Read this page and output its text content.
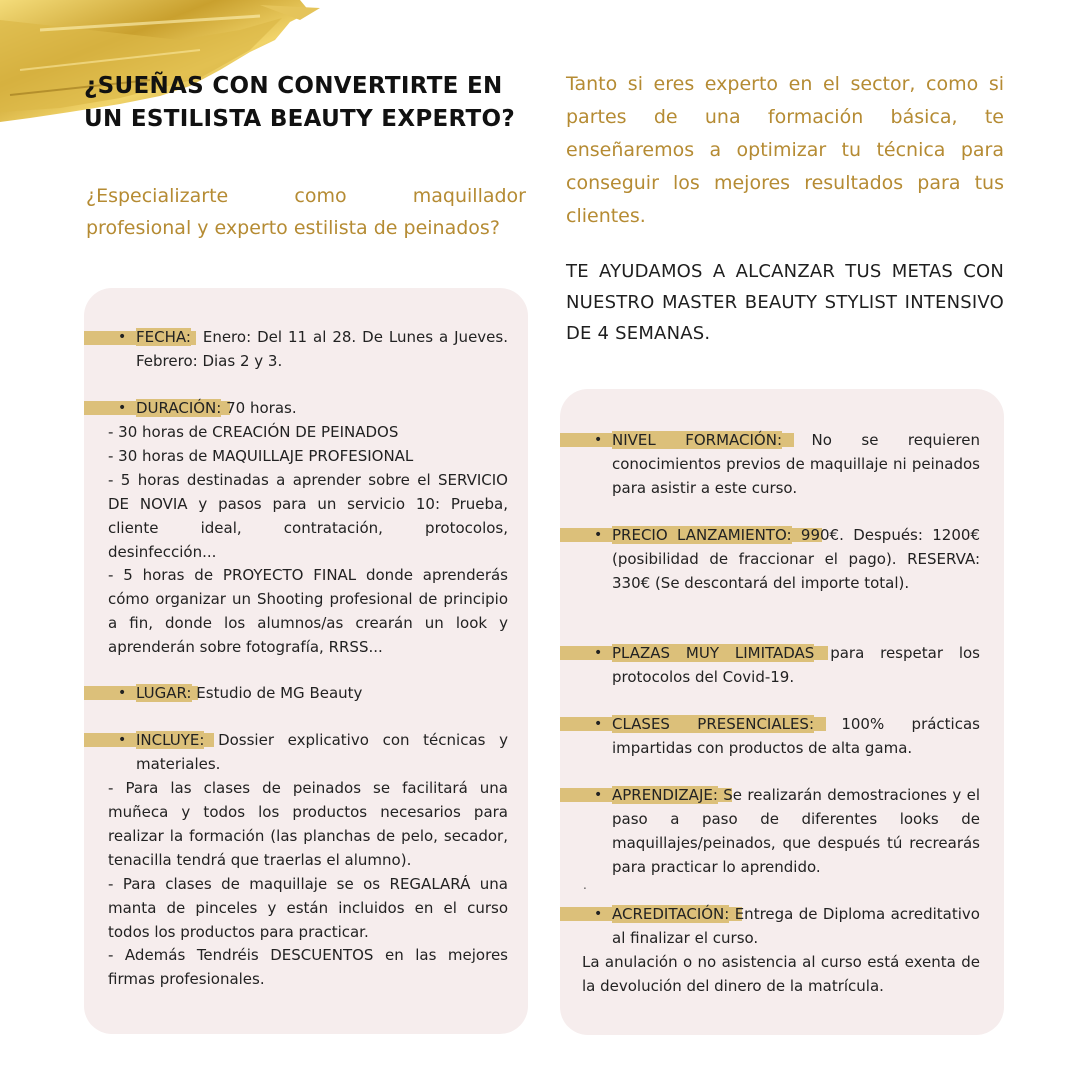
¿SUEÑAS CON CONVERTIRTE EN UN ESTILISTA BEAUTY EXPERTO?
¿Especializarte como maquillador
profesional y experto estilista de peinados?

Tanto si eres experto en el sector, como si partes de una formación básica, te enseñaremos a optimizar tu técnica para conseguir los mejores resultados para tus clientes.

TE AYUDAMOS A ALCANZAR TUS METAS CON NUESTRO MASTER BEAUTY STYLIST INTENSIVO DE 4 SEMANAS.

• FECHA: Enero: Del 11 al 28. De Lunes a Jueves. Febrero: Dias 2 y 3.
• DURACIÓN: 70 horas.

- 30 horas de CREACIÓN DE PEINADOS

- 30 horas de MAQUILLAJE PROFESIONAL

- 5 horas destinadas a aprender sobre el SERVICIO DE NOVIA y pasos para un servicio 10: Prueba, cliente ideal, contratación, protocolos, desinfección...

- 5 horas de PROYECTO FINAL donde aprenderás cómo organizar un Shooting profesional de principio a fin, donde los alumnos/as crearán un look y aprenderán sobre fotografía, RRSS...

• LUGAR: Estudio de MG Beauty
• INCLUYE: Dossier explicativo con técnicas y materiales.

- Para las clases de peinados se facilitará una muñeca y todos los productos necesarios para realizar la formación (las planchas de pelo, secador, tenacilla tendrá que traerlas el alumno).

- Para clases de maquillaje se os REGALARÁ una manta de pinceles y están incluidos en el curso todos los productos para practicar.

- Además Tendréis DESCUENTOS en las mejores firmas profesionales.

• NIVEL FORMACIÓN: No se requieren conocimientos previos de maquillaje ni peinados para asistir a este curso.
• PRECIO LANZAMIENTO: 990€. Después: 1200€ (posibilidad de fraccionar el pago). RESERVA: 330€ (Se descontará del importe total).
• PLAZAS MUY LIMITADAS para respetar los protocolos del Covid-19.
• CLASES PRESENCIALES: 100% prácticas impartidas con productos de alta gama.
• APRENDIZAJE: Se realizarán demostraciones y el paso a paso de diferentes looks de maquillajes/peinados, que después tú recrearás para practicar lo aprendido.
.
• ACREDITACIÓN: Entrega de Diploma acreditativo al finalizar el curso.

La anulación o no asistencia al curso está exenta de la devolución del dinero de la matrícula.
